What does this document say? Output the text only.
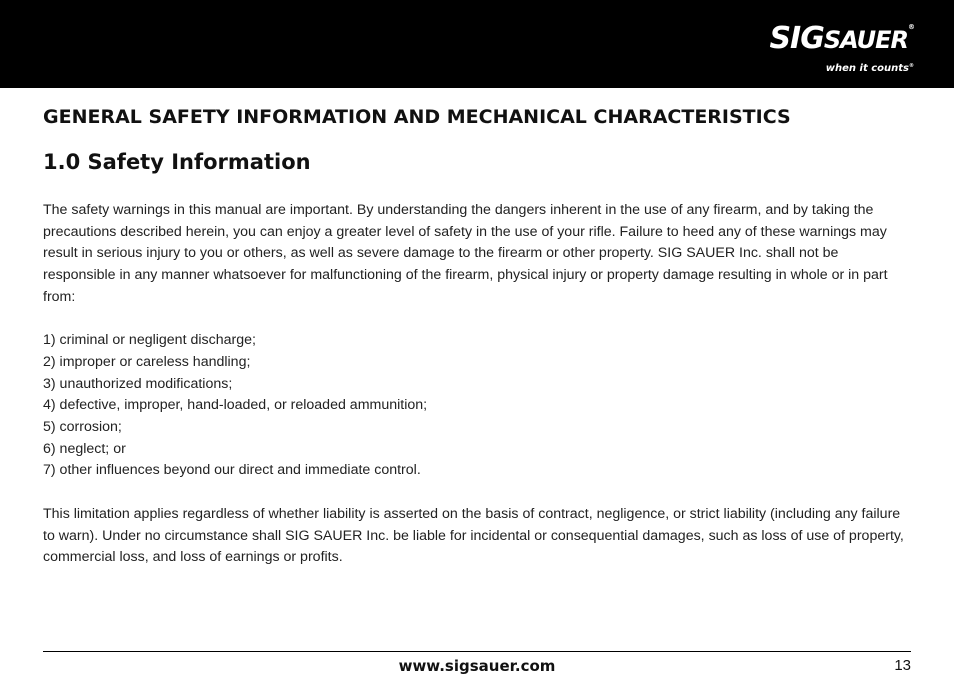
SIGSAUER®
when it counts®
GENERAL SAFETY INFORMATION AND MECHANICAL CHARACTERISTICS
1.0 Safety Information

The safety warnings in this manual are important. By understanding the dangers inherent in the use of any firearm, and by taking the precautions described herein, you can enjoy a greater level of safety in the use of your rifle. Failure to heed any of these warnings may result in serious injury to you or others, as well as severe damage to the firearm or other property. SIG SAUER Inc. shall not be responsible in any manner whatsoever for malfunctioning of the firearm, physical injury or property damage resulting in whole or in part from:

1) criminal or negligent discharge;
2) improper or careless handling;
3) unauthorized modifications;
4) defective, improper, hand-loaded, or reloaded ammunition;
5) corrosion;
6) neglect; or
7) other influences beyond our direct and immediate control.

This limitation applies regardless of whether liability is asserted on the basis of contract, negligence, or strict liability (including any failure to warn). Under no circumstance shall SIG SAUER Inc. be liable for incidental or consequential damages, such as loss of use of property, commercial loss, and loss of earnings or profits.

www.sigsauer.com	13
